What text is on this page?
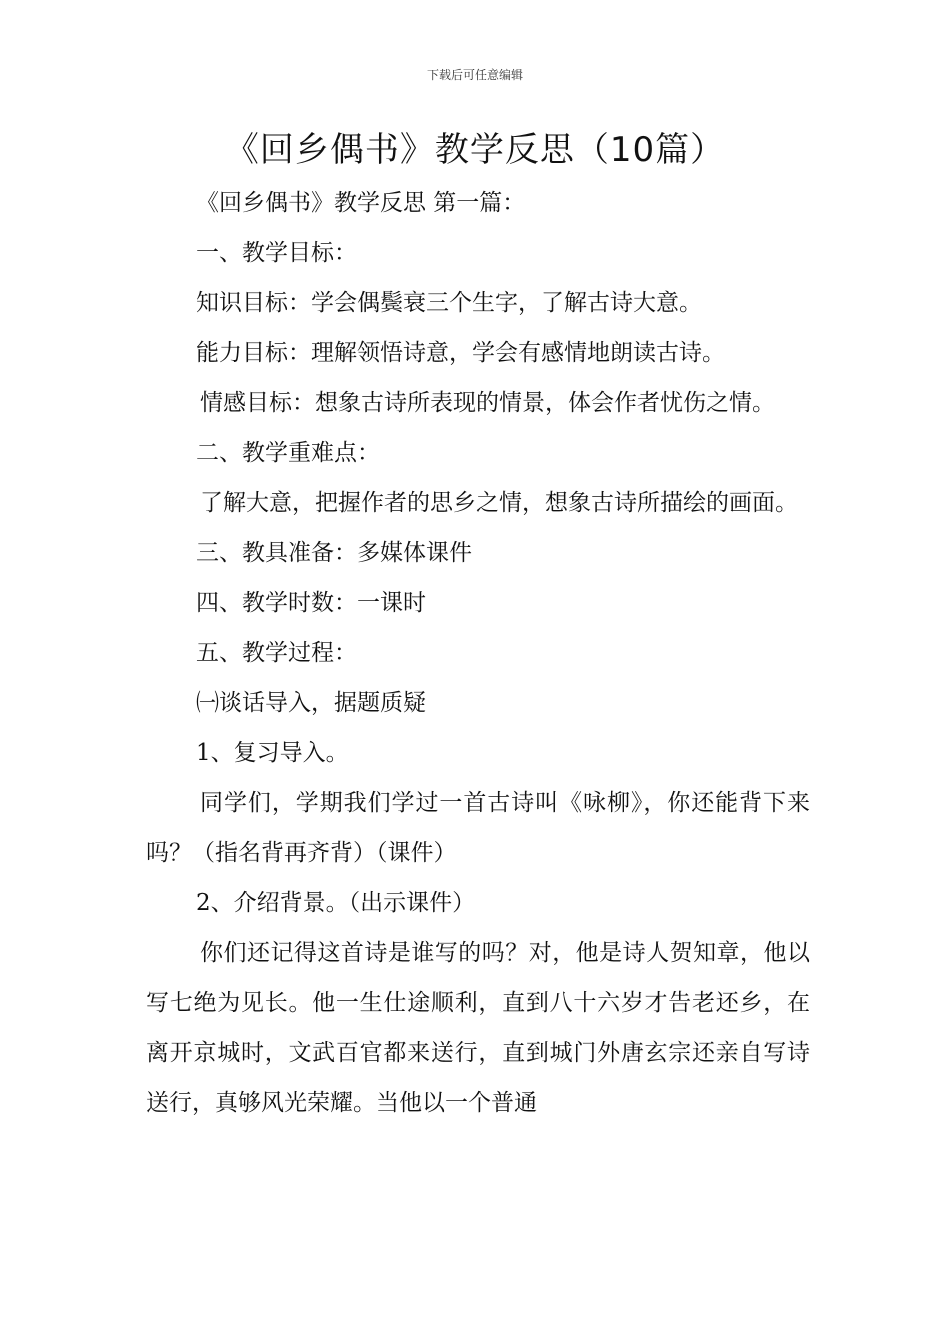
下载后可任意编辑
《回乡偶书》教学反思（10篇）

《回乡偶书》教学反思 第一篇：

一、教学目标：

知识目标：学会偶鬓衰三个生字，了解古诗大意。

能力目标：理解领悟诗意，学会有感情地朗读古诗。

情感目标：想象古诗所表现的情景，体会作者忧伤之情。

二、教学重难点：

了解大意，把握作者的思乡之情，想象古诗所描绘的画面。

三、教具准备：多媒体课件

四、教学时数：一课时

五、教学过程：

㈠谈话导入，据题质疑

1、复习导入。

同学们，学期我们学过一首古诗叫《咏柳》，你还能背下来吗？（指名背再齐背）（课件）

2、介绍背景。（出示课件）

你们还记得这首诗是谁写的吗？对，他是诗人贺知章，他以写七绝为见长。他一生仕途顺利，直到八十六岁才告老还乡，在离开京城时，文武百官都来送行，直到城门外唐玄宗还亲自写诗送行，真够风光荣耀。当他以一个普通
